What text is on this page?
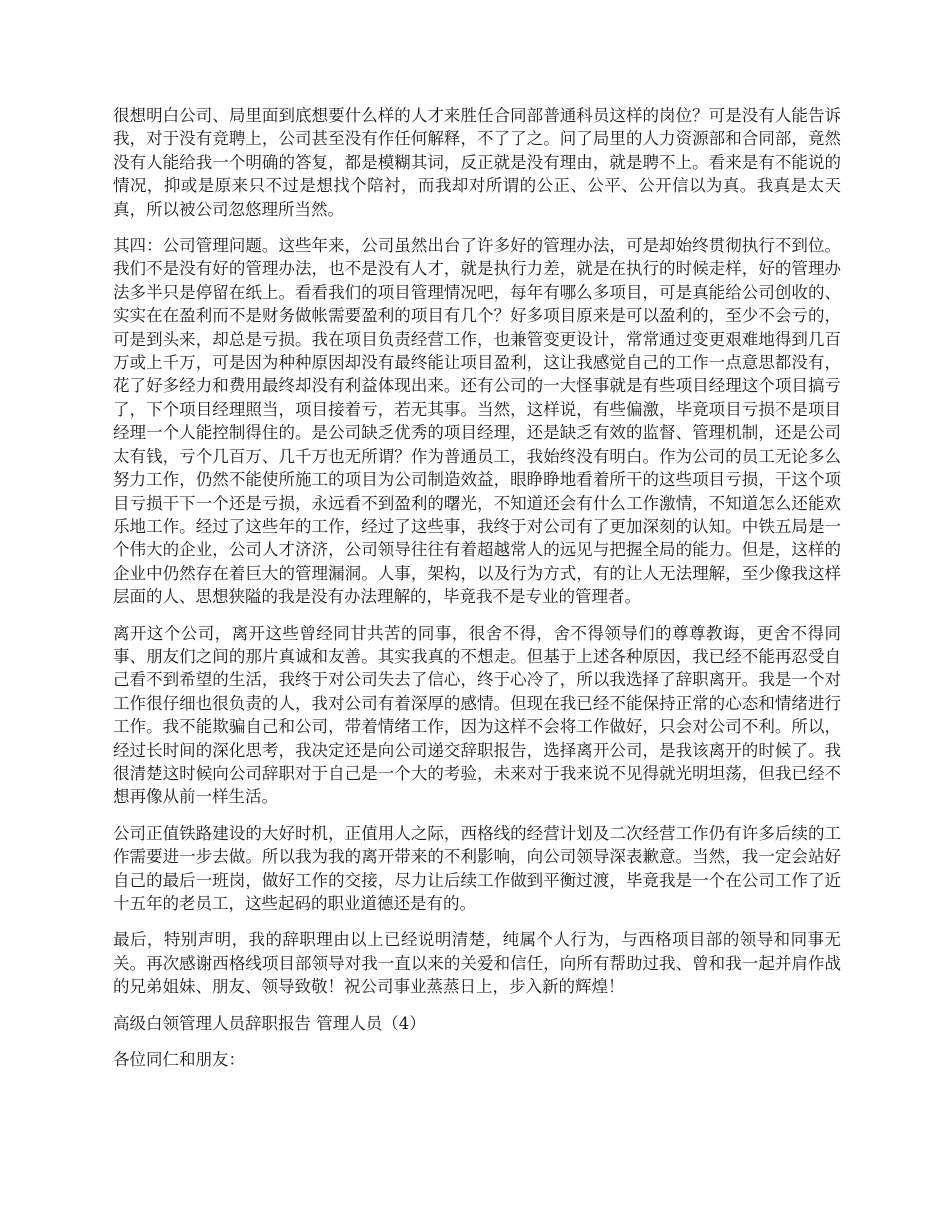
很想明白公司、局里面到底想要什么样的人才来胜任合同部普通科员这样的岗位？可是没有人能告诉我，对于没有竞聘上，公司甚至没有作任何解释，不了了之。问了局里的人力资源部和合同部，竟然没有人能给我一个明确的答复，都是模糊其词，反正就是没有理由，就是聘不上。看来是有不能说的情况，抑或是原来只不过是想找个陪衬，而我却对所谓的公正、公平、公开信以为真。我真是太天真，所以被公司忽悠理所当然。

其四：公司管理问题。这些年来，公司虽然出台了许多好的管理办法，可是却始终贯彻执行不到位。我们不是没有好的管理办法，也不是没有人才，就是执行力差，就是在执行的时候走样，好的管理办法多半只是停留在纸上。看看我们的项目管理情况吧，每年有哪么多项目，可是真能给公司创收的、实实在在盈利而不是财务做帐需要盈利的项目有几个？好多项目原来是可以盈利的，至少不会亏的，可是到头来，却总是亏损。我在项目负责经营工作，也兼管变更设计，常常通过变更艰难地得到几百万或上千万，可是因为种种原因却没有最终能让项目盈利，这让我感觉自己的工作一点意思都没有，花了好多经力和费用最终却没有利益体现出来。还有公司的一大怪事就是有些项目经理这个项目搞亏了，下个项目经理照当，项目接着亏，若无其事。当然，这样说，有些偏激，毕竟项目亏损不是项目经理一个人能控制得住的。是公司缺乏优秀的项目经理，还是缺乏有效的监督、管理机制，还是公司太有钱，亏个几百万、几千万也无所谓？作为普通员工，我始终没有明白。作为公司的员工无论多么努力工作，仍然不能使所施工的项目为公司制造效益，眼睁睁地看着所干的这些项目亏损，干这个项目亏损干下一个还是亏损，永远看不到盈利的曙光，不知道还会有什么工作激情，不知道怎么还能欢乐地工作。经过了这些年的工作，经过了这些事，我终于对公司有了更加深刻的认知。中铁五局是一个伟大的企业，公司人才济济，公司领导往往有着超越常人的远见与把握全局的能力。但是，这样的企业中仍然存在着巨大的管理漏洞。人事，架构，以及行为方式，有的让人无法理解，至少像我这样层面的人、思想狭隘的我是没有办法理解的，毕竟我不是专业的管理者。

离开这个公司，离开这些曾经同甘共苦的同事，很舍不得，舍不得领导们的尊尊教诲，更舍不得同事、朋友们之间的那片真诚和友善。其实我真的不想走。但基于上述各种原因，我已经不能再忍受自己看不到希望的生活，我终于对公司失去了信心，终于心冷了，所以我选择了辞职离开。我是一个对工作很仔细也很负责的人，我对公司有着深厚的感情。但现在我已经不能保持正常的心态和情绪进行工作。我不能欺骗自己和公司，带着情绪工作，因为这样不会将工作做好，只会对公司不利。所以，经过长时间的深化思考，我决定还是向公司递交辞职报告，选择离开公司，是我该离开的时候了。我很清楚这时候向公司辞职对于自己是一个大的考验，未来对于我来说不见得就光明坦荡，但我已经不想再像从前一样生活。

公司正值铁路建设的大好时机，正值用人之际，西格线的经营计划及二次经营工作仍有许多后续的工作需要进一步去做。所以我为我的离开带来的不利影响，向公司领导深表歉意。当然，我一定会站好自己的最后一班岗，做好工作的交接，尽力让后续工作做到平衡过渡，毕竟我是一个在公司工作了近十五年的老员工，这些起码的职业道德还是有的。

最后，特别声明，我的辞职理由以上已经说明清楚，纯属个人行为，与西格项目部的领导和同事无关。再次感谢西格线项目部领导对我一直以来的关爱和信任，向所有帮助过我、曾和我一起并肩作战的兄弟姐妹、朋友、领导致敬！祝公司事业蒸蒸日上，步入新的辉煌！

高级白领管理人员辞职报告 管理人员（4）

各位同仁和朋友：
